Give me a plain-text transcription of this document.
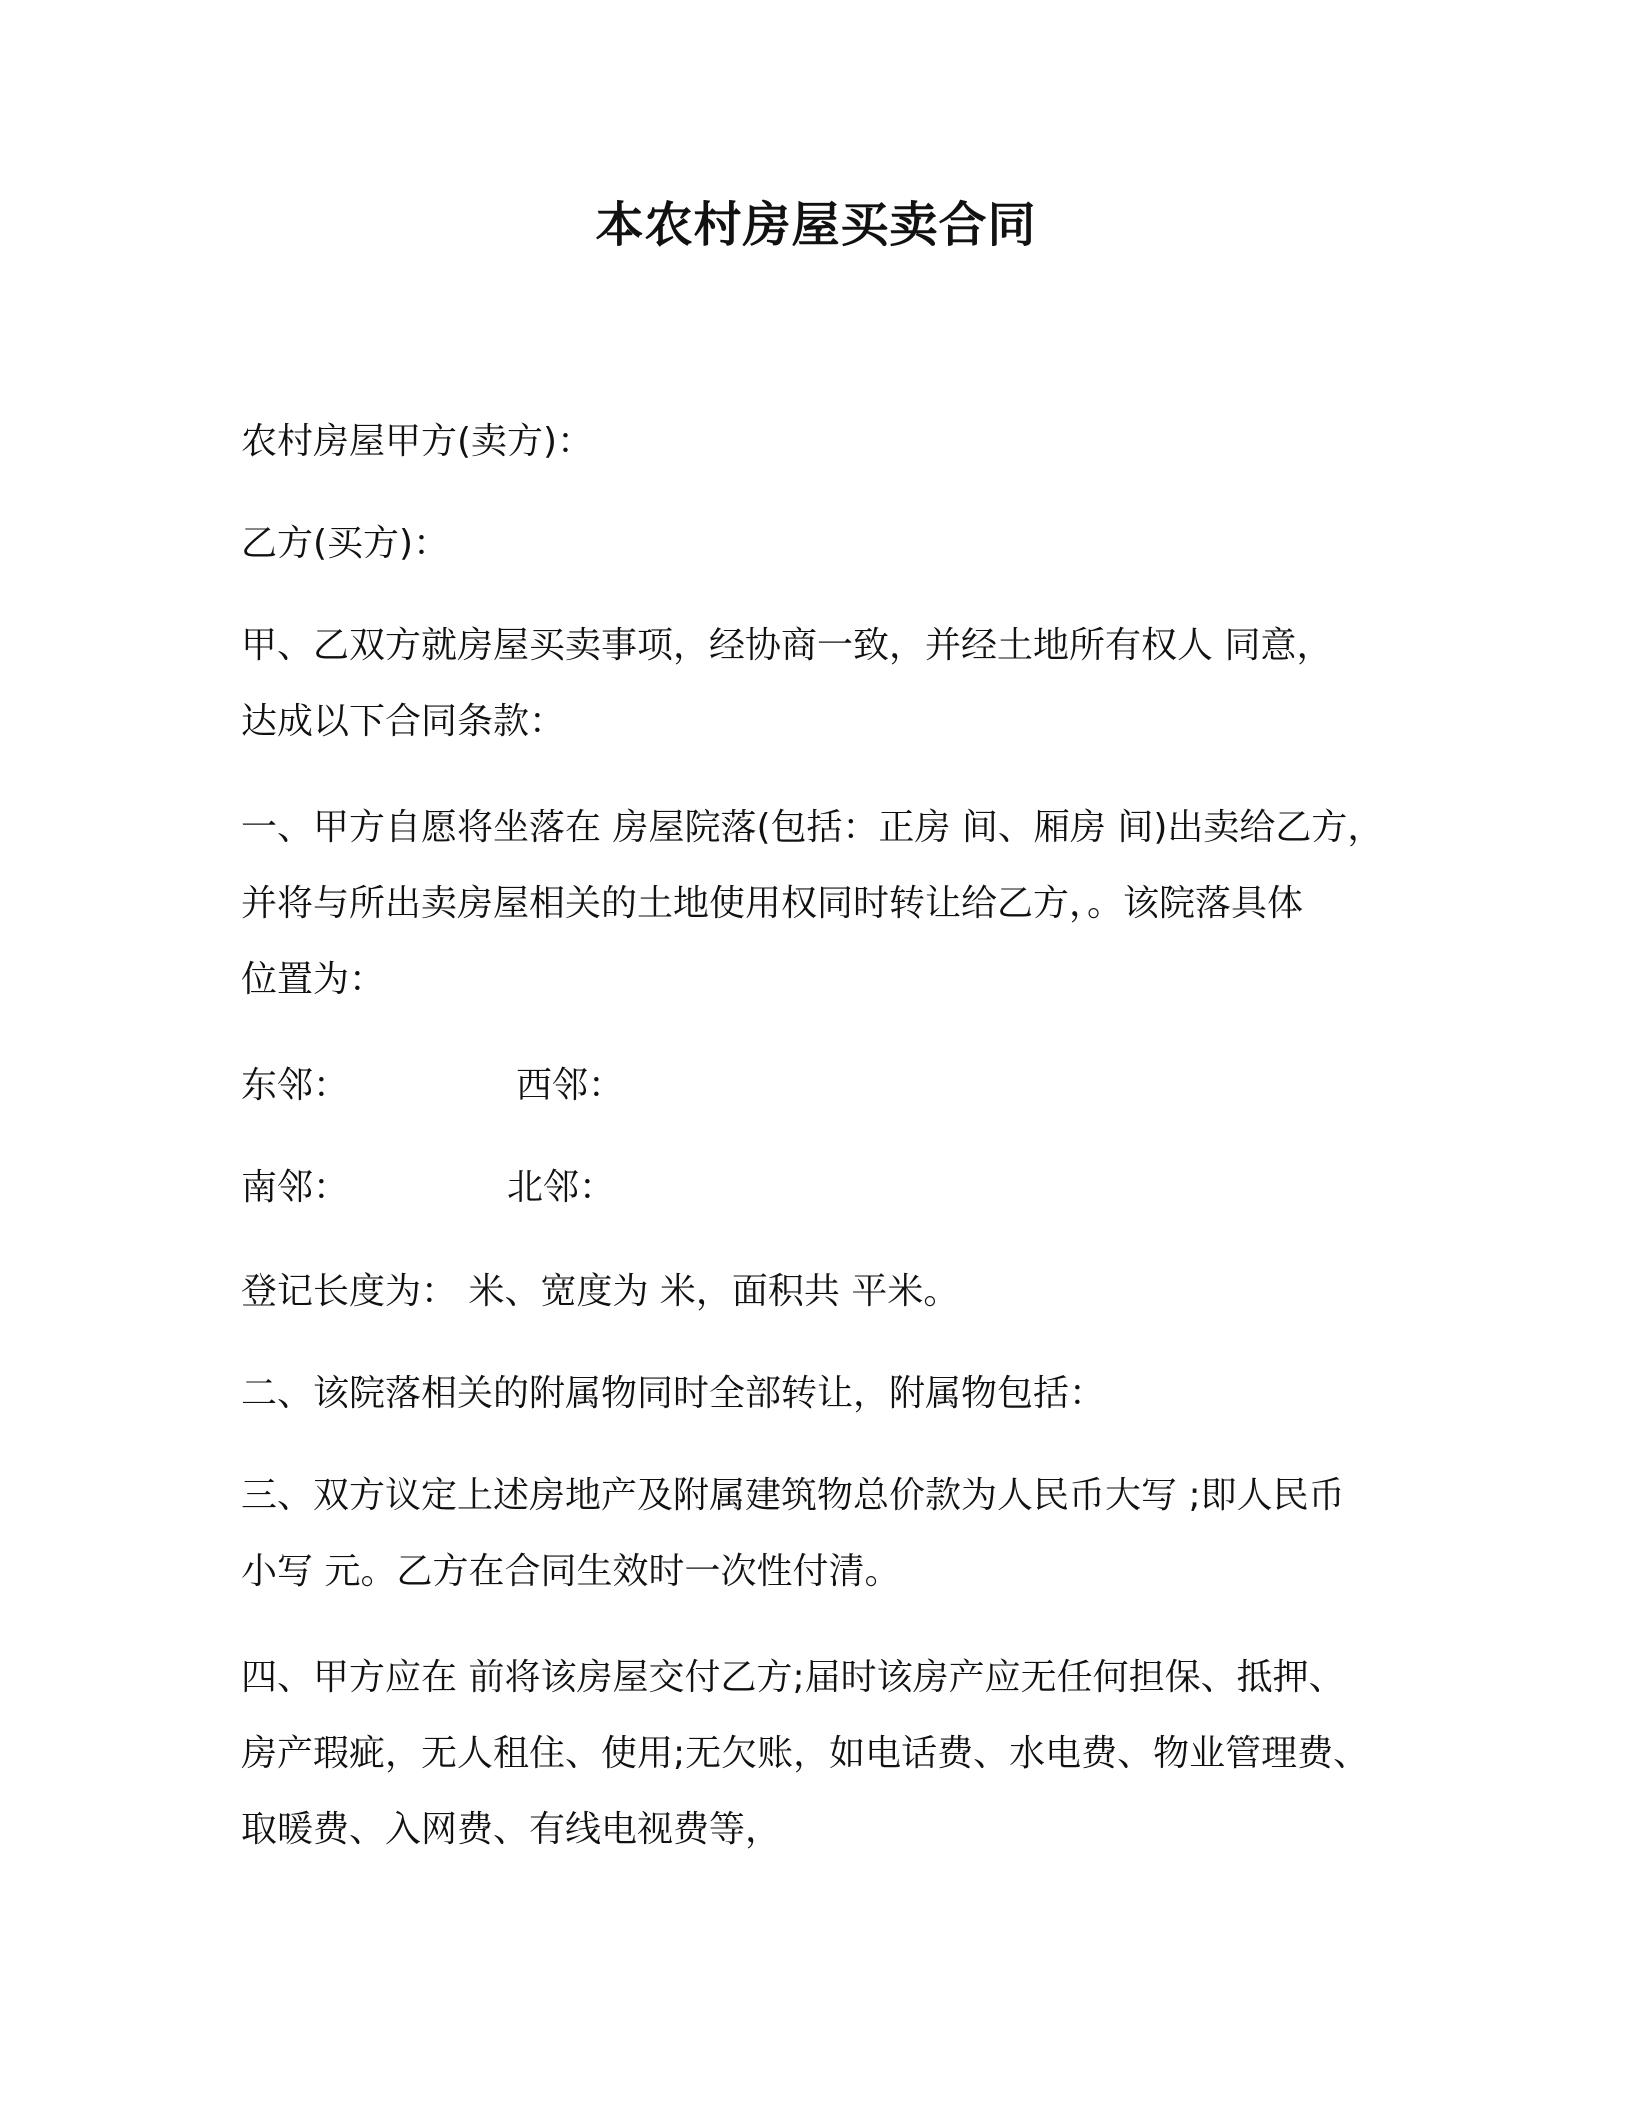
本农村房屋买卖合同

农村房屋甲方(卖方)：

乙方(买方)：

甲、乙双方就房屋买卖事项，经协商一致，并经土地所有权人 同意，
达成以下合同条款：

一、甲方自愿将坐落在 房屋院落(包括：正房 间、厢房 间)出卖给乙方，
并将与所出卖房屋相关的土地使用权同时转让给乙方，。该院落具体
位置为：

东邻：	西邻：
南邻：	北邻：

登记长度为： 米、宽度为 米，面积共 平米。

二、该院落相关的附属物同时全部转让，附属物包括：

三、双方议定上述房地产及附属建筑物总价款为人民币大写 ;即人民币
小写 元。乙方在合同生效时一次性付清。

四、甲方应在 前将该房屋交付乙方;届时该房产应无任何担保、抵押、
房产瑕疵，无人租住、使用;无欠账，如电话费、水电费、物业管理费、
取暖费、入网费、有线电视费等，
